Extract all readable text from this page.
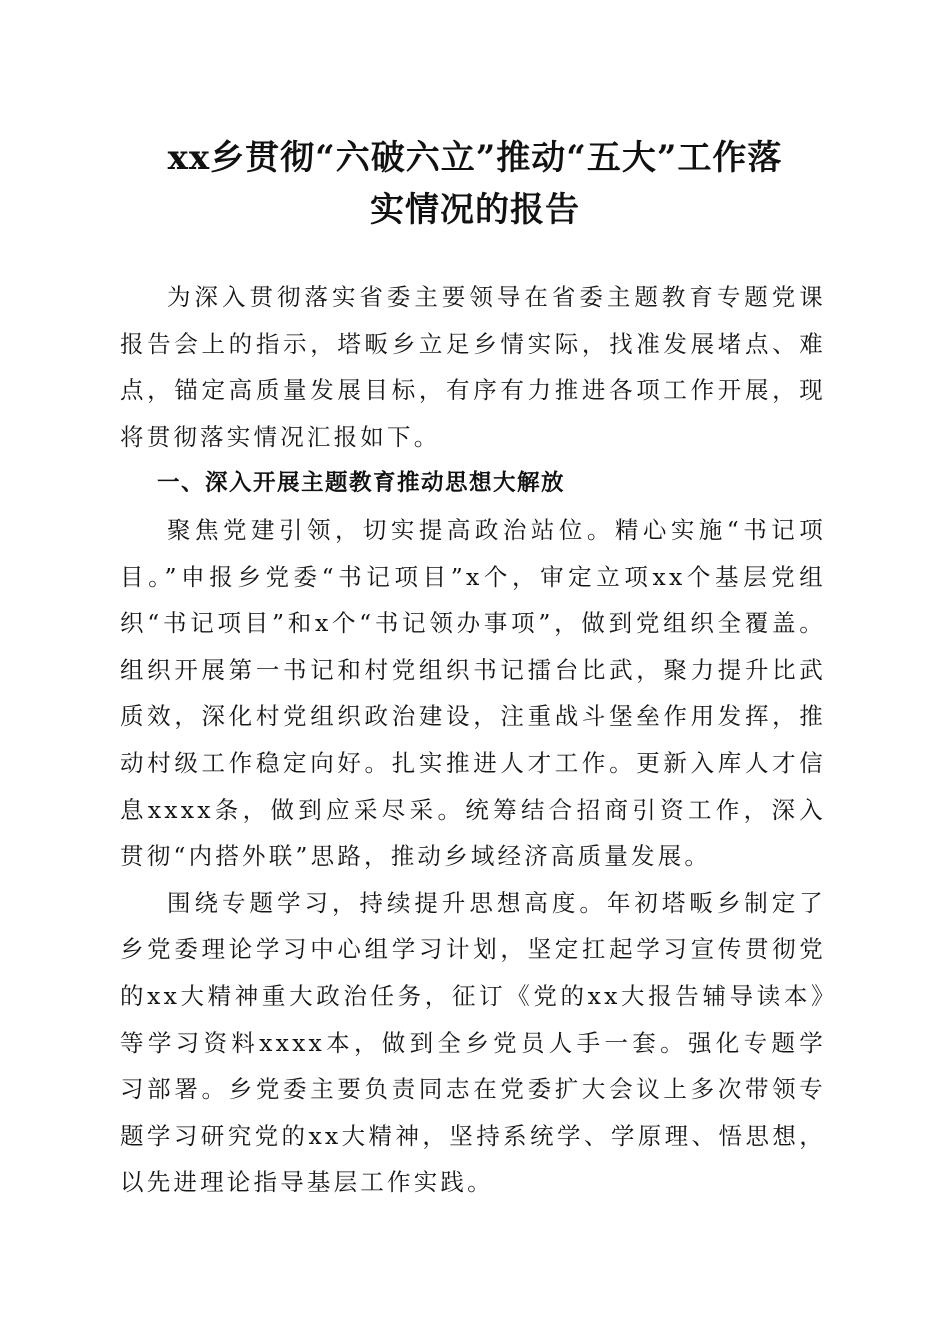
xx乡贯彻“六破六立”推动“五大”工作落
实情况的报告

为深入贯彻落实省委主要领导在省委主题教育专题党课报告会上的指示，塔畈乡立足乡情实际，找准发展堵点、难点，锚定高质量发展目标，有序有力推进各项工作开展，现将贯彻落实情况汇报如下。

一、深入开展主题教育推动思想大解放

聚焦党建引领，切实提高政治站位。精心实施“书记项目。”申报乡党委“书记项目”x个，审定立项xx个基层党组织“书记项目”和x个“书记领办事项”，做到党组织全覆盖。组织开展第一书记和村党组织书记擂台比武，聚力提升比武质效，深化村党组织政治建设，注重战斗堡垒作用发挥，推动村级工作稳定向好。扎实推进人才工作。更新入库人才信息xxxx条，做到应采尽采。统筹结合招商引资工作，深入贯彻“内搭外联”思路，推动乡域经济高质量发展。

围绕专题学习，持续提升思想高度。年初塔畈乡制定了乡党委理论学习中心组学习计划，坚定扛起学习宣传贯彻党的xx大精神重大政治任务，征订《党的xx大报告辅导读本》等学习资料xxxx本，做到全乡党员人手一套。强化专题学习部署。乡党委主要负责同志在党委扩大会议上多次带领专题学习研究党的xx大精神，坚持系统学、学原理、悟思想，以先进理论指导基层工作实践。
